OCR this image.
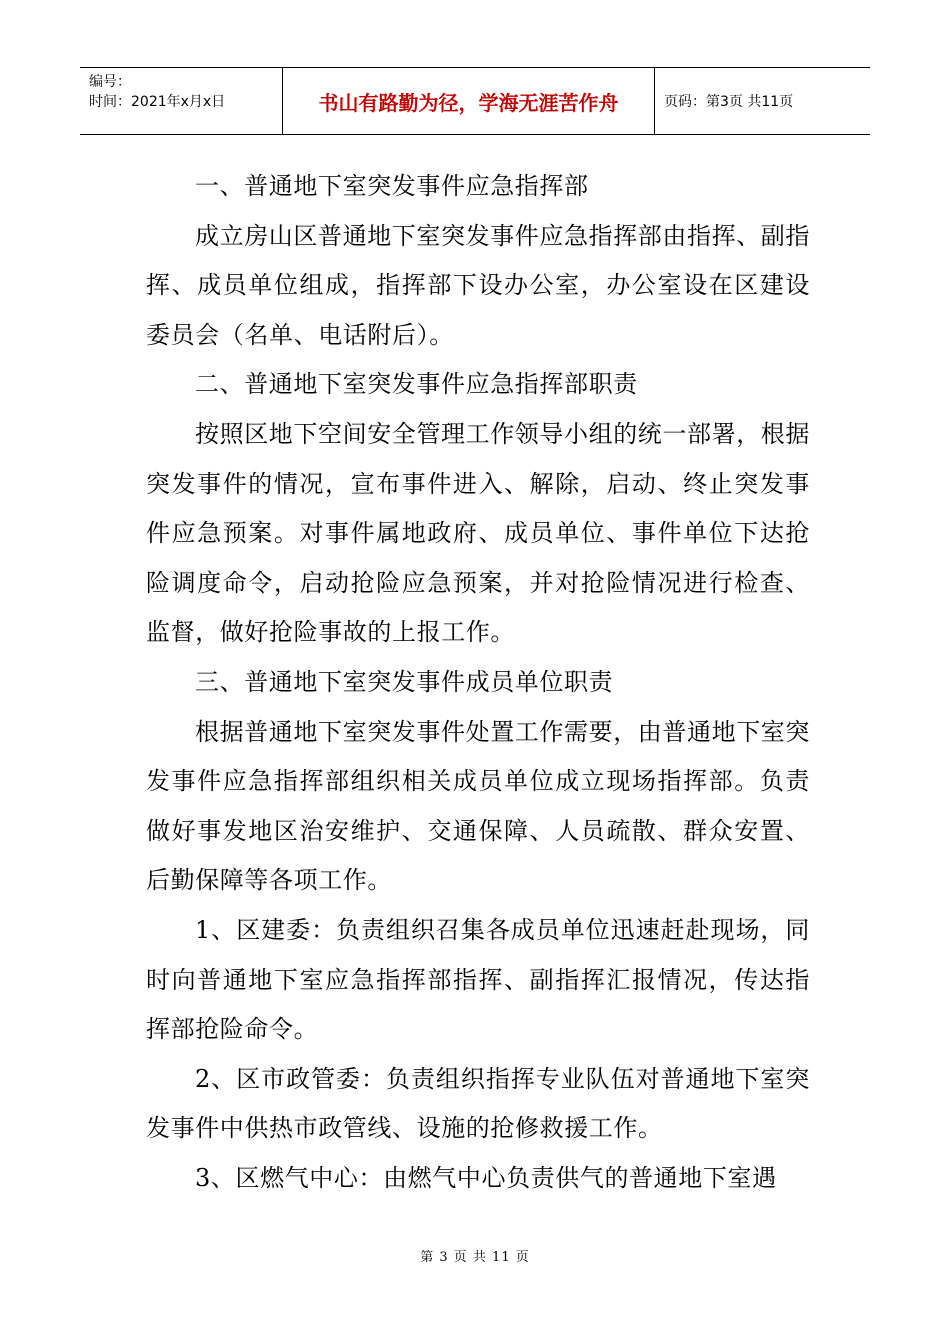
编号：
时间：2021年x月x日	书山有路勤为径，学海无涯苦作舟	页码：第3页 共11页

一、普通地下室突发事件应急指挥部

成立房山区普通地下室突发事件应急指挥部由指挥、副指挥、成员单位组成，指挥部下设办公室，办公室设在区建设委员会（名单、电话附后）。

二、普通地下室突发事件应急指挥部职责

按照区地下空间安全管理工作领导小组的统一部署，根据突发事件的情况，宣布事件进入、解除，启动、终止突发事件应急预案。对事件属地政府、成员单位、事件单位下达抢险调度命令，启动抢险应急预案，并对抢险情况进行检查、监督，做好抢险事故的上报工作。

三、普通地下室突发事件成员单位职责

根据普通地下室突发事件处置工作需要，由普通地下室突发事件应急指挥部组织相关成员单位成立现场指挥部。负责做好事发地区治安维护、交通保障、人员疏散、群众安置、后勤保障等各项工作。

1、区建委：负责组织召集各成员单位迅速赶赴现场，同时向普通地下室应急指挥部指挥、副指挥汇报情况，传达指挥部抢险命令。

2、区市政管委：负责组织指挥专业队伍对普通地下室突发事件中供热市政管线、设施的抢修救援工作。

3、区燃气中心：由燃气中心负责供气的普通地下室遇

第 3 页 共 11 页
